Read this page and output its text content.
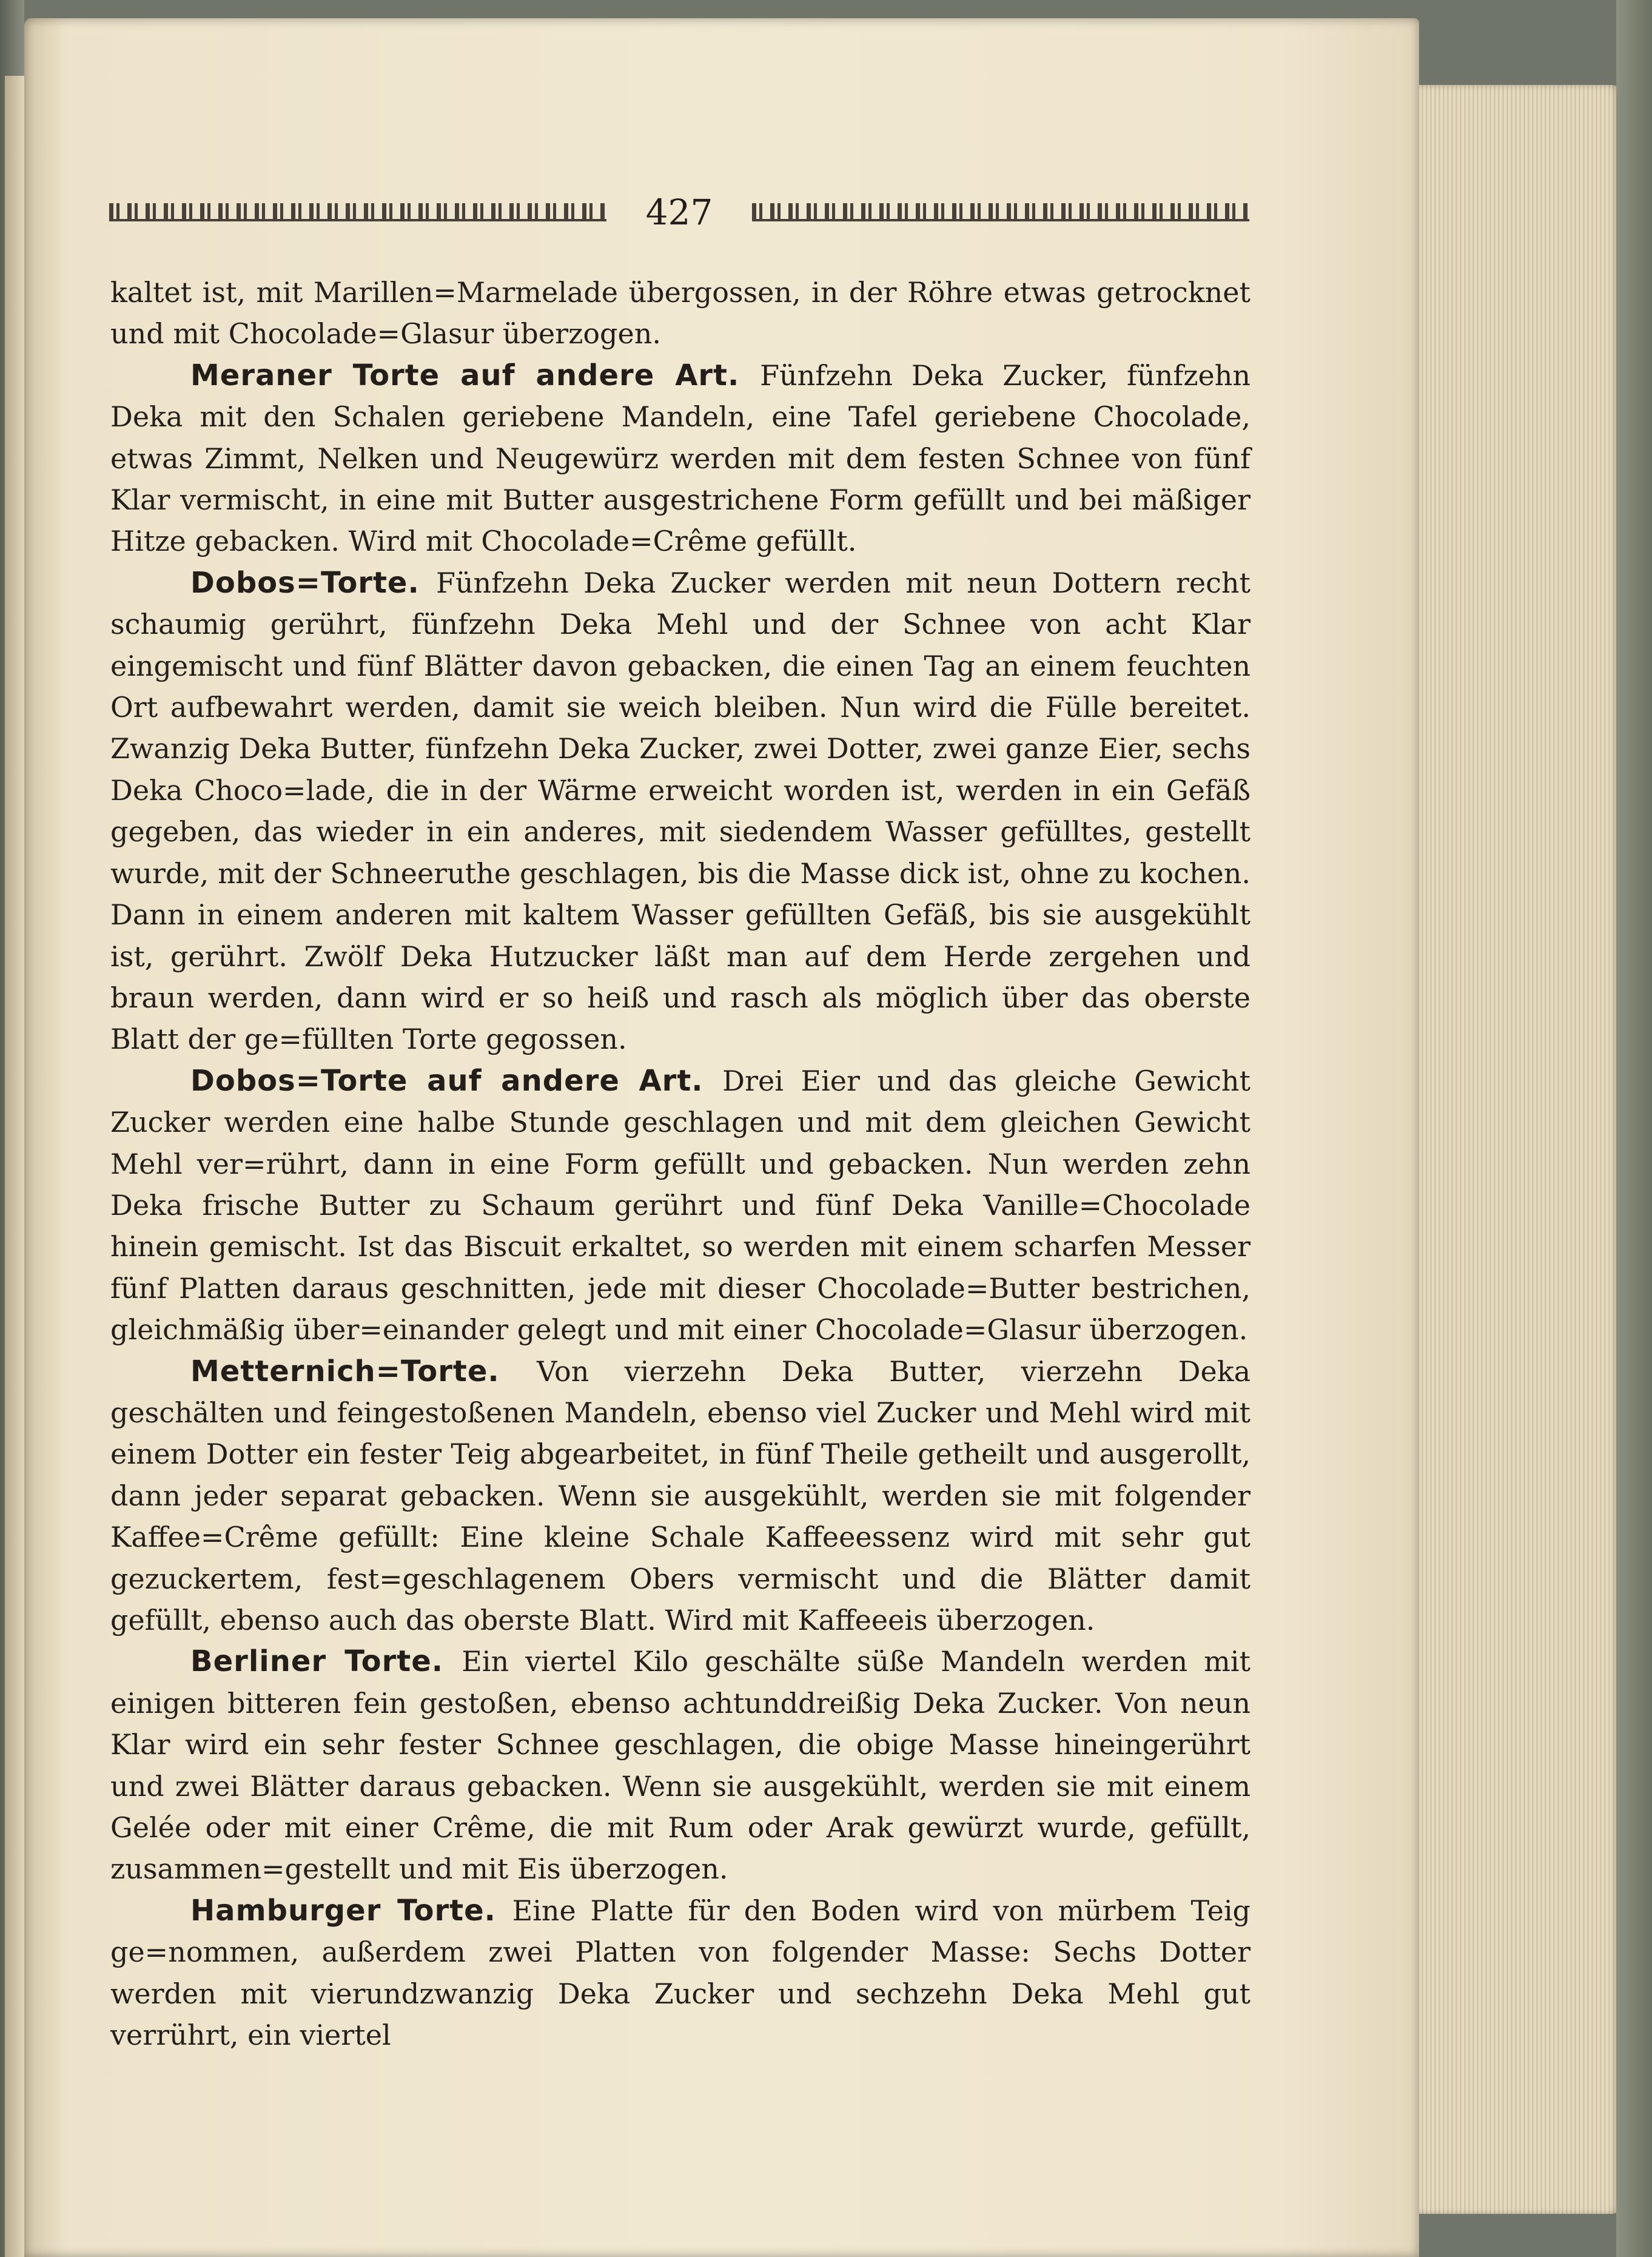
427

kaltet ist, mit Marillen=Marmelade übergossen, in der Röhre etwas getrocknet und mit Chocolade=Glasur überzogen.

Meraner Torte auf andere Art. Fünfzehn Deka Zucker, fünfzehn Deka mit den Schalen geriebene Mandeln, eine Tafel geriebene Chocolade, etwas Zimmt, Nelken und Neugewürz werden mit dem festen Schnee von fünf Klar vermischt, in eine mit Butter ausgestrichene Form gefüllt und bei mäßiger Hitze gebacken. Wird mit Chocolade=Crême gefüllt.

Dobos=Torte. Fünfzehn Deka Zucker werden mit neun Dottern recht schaumig gerührt, fünfzehn Deka Mehl und der Schnee von acht Klar eingemischt und fünf Blätter davon gebacken, die einen Tag an einem feuchten Ort aufbewahrt werden, damit sie weich bleiben. Nun wird die Fülle bereitet. Zwanzig Deka Butter, fünfzehn Deka Zucker, zwei Dotter, zwei ganze Eier, sechs Deka Choco=lade, die in der Wärme erweicht worden ist, werden in ein Gefäß gegeben, das wieder in ein anderes, mit siedendem Wasser gefülltes, gestellt wurde, mit der Schneeruthe geschlagen, bis die Masse dick ist, ohne zu kochen. Dann in einem anderen mit kaltem Wasser gefüllten Gefäß, bis sie ausgekühlt ist, gerührt. Zwölf Deka Hutzucker läßt man auf dem Herde zergehen und braun werden, dann wird er so heiß und rasch als möglich über das oberste Blatt der ge=füllten Torte gegossen.

Dobos=Torte auf andere Art. Drei Eier und das gleiche Gewicht Zucker werden eine halbe Stunde geschlagen und mit dem gleichen Gewicht Mehl ver=rührt, dann in eine Form gefüllt und gebacken. Nun werden zehn Deka frische Butter zu Schaum gerührt und fünf Deka Vanille=Chocolade hinein gemischt. Ist das Biscuit erkaltet, so werden mit einem scharfen Messer fünf Platten daraus geschnitten, jede mit dieser Chocolade=Butter bestrichen, gleichmäßig über=einander gelegt und mit einer Chocolade=Glasur überzogen.

Metternich=Torte. Von vierzehn Deka Butter, vierzehn Deka geschälten und feingestoßenen Mandeln, ebenso viel Zucker und Mehl wird mit einem Dotter ein fester Teig abgearbeitet, in fünf Theile getheilt und ausgerollt, dann jeder separat gebacken. Wenn sie ausgekühlt, werden sie mit folgender Kaffee=Crême gefüllt: Eine kleine Schale Kaffeeessenz wird mit sehr gut gezuckertem, fest=geschlagenem Obers vermischt und die Blätter damit gefüllt, ebenso auch das oberste Blatt. Wird mit Kaffeeeis überzogen.

Berliner Torte. Ein viertel Kilo geschälte süße Mandeln werden mit einigen bitteren fein gestoßen, ebenso achtunddreißig Deka Zucker. Von neun Klar wird ein sehr fester Schnee geschlagen, die obige Masse hineingerührt und zwei Blätter daraus gebacken. Wenn sie ausgekühlt, werden sie mit einem Gelée oder mit einer Crême, die mit Rum oder Arak gewürzt wurde, gefüllt, zusammen=gestellt und mit Eis überzogen.

Hamburger Torte. Eine Platte für den Boden wird von mürbem Teig ge=nommen, außerdem zwei Platten von folgender Masse: Sechs Dotter werden mit vierundzwanzig Deka Zucker und sechzehn Deka Mehl gut verrührt, ein viertel
